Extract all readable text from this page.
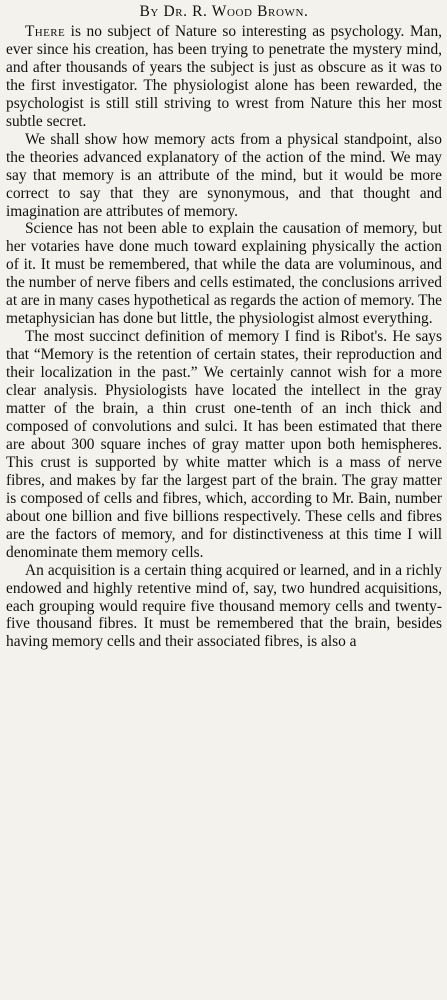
By Dr. R. Wood Brown.

There is no subject of Nature so interesting as psychology. Man, ever since his creation, has been trying to penetrate the mystery mind, and after thousands of years the subject is just as obscure as it was to the first investigator. The physiologist alone has been rewarded, the psychologist is still still striving to wrest from Nature this her most subtle secret.

We shall show how memory acts from a physical standpoint, also the theories advanced explanatory of the action of the mind. We may say that memory is an attribute of the mind, but it would be more correct to say that they are synonymous, and that thought and imagination are attributes of memory.

Science has not been able to explain the causation of memory, but her votaries have done much toward explaining physically the action of it. It must be remembered, that while the data are voluminous, and the number of nerve fibers and cells estimated, the conclusions arrived at are in many cases hypothetical as regards the action of memory. The metaphysician has done but little, the physiologist almost everything.

The most succinct definition of memory I find is Ribot's. He says that “Memory is the retention of certain states, their reproduction and their localization in the past.” We certainly cannot wish for a more clear analysis. Physiologists have located the intellect in the gray matter of the brain, a thin crust one-tenth of an inch thick and composed of convolutions and sulci. It has been estimated that there are about 300 square inches of gray matter upon both hemispheres. This crust is supported by white matter which is a mass of nerve fibres, and makes by far the largest part of the brain. The gray matter is composed of cells and fibres, which, according to Mr. Bain, number about one billion and five billions respectively. These cells and fibres are the factors of memory, and for distinctiveness at this time I will denominate them memory cells.

An acquisition is a certain thing acquired or learned, and in a richly endowed and highly retentive mind of, say, two hundred acquisitions, each grouping would require five thousand memory cells and twenty-five thousand fibres. It must be remembered that the brain, besides having memory cells and their associated fibres, is also a
